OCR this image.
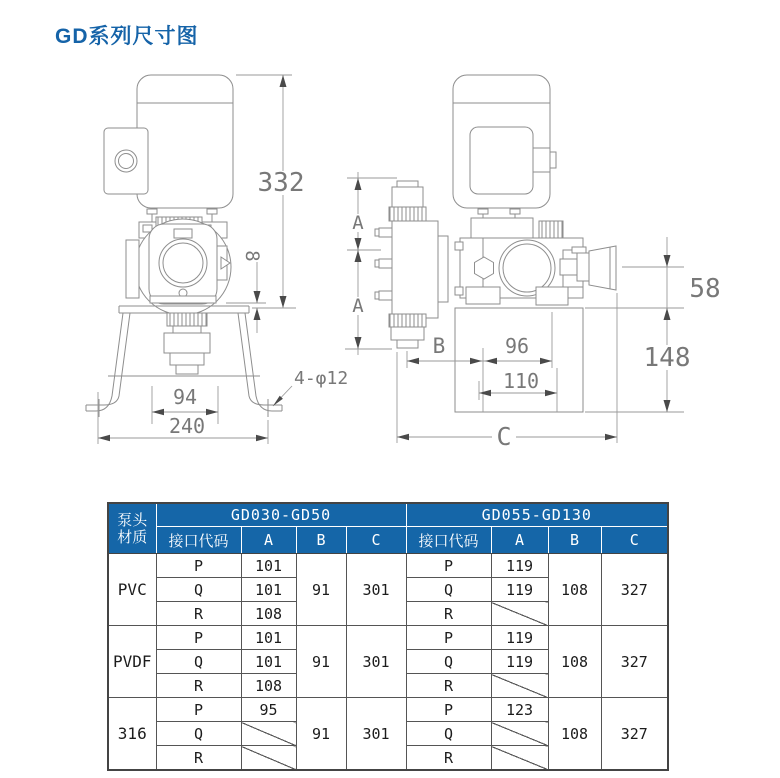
GD系列尺寸图
332
8
94
240
4-φ12
A
A
B	96
110
58
148
C
泵头
材质	GD030-GD50				GD055-GD130			
	接口代码	A	B	C	接口代码	A	B	C
PVC	P	101	91	301	P	119	108	327
	Q	101			Q	119		
	R	108			R			
PVDF	P	101	91	301	P	119	108	327
	Q	101			Q	119		
	R	108			R			
316	P	95	91	301	P	123	108	327
	Q				Q			
	R				R			
